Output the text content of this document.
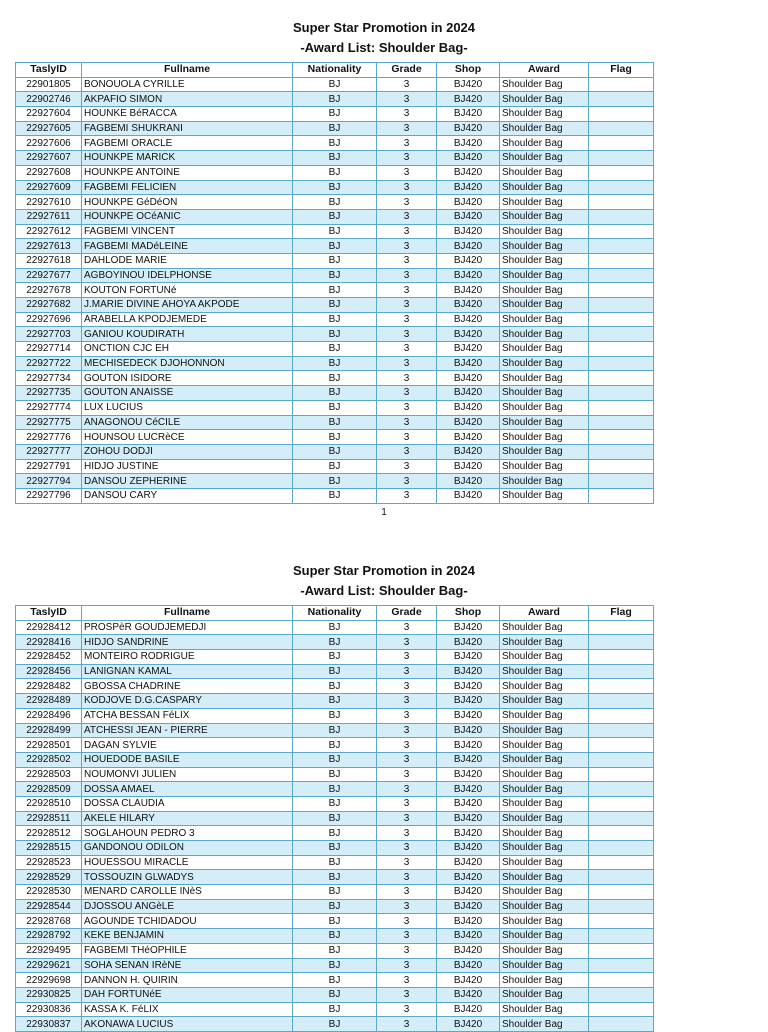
Super Star Promotion in 2024
-Award List: Shoulder Bag-
TaslyID	Fullname	Nationality	Grade	Shop	Award	Flag
22901805	BONOUOLA CYRILLE	BJ	3	BJ420	Shoulder Bag	
22902746	AKPAFIO SIMON	BJ	3	BJ420	Shoulder Bag	
22927604	HOUNKE BéRACCA	BJ	3	BJ420	Shoulder Bag	
22927605	FAGBEMI SHUKRANI	BJ	3	BJ420	Shoulder Bag	
22927606	FAGBEMI ORACLE	BJ	3	BJ420	Shoulder Bag	
22927607	HOUNKPE MARICK	BJ	3	BJ420	Shoulder Bag	
22927608	HOUNKPE ANTOINE	BJ	3	BJ420	Shoulder Bag	
22927609	FAGBEMI FELICIEN	BJ	3	BJ420	Shoulder Bag	
22927610	HOUNKPE GéDéON	BJ	3	BJ420	Shoulder Bag	
22927611	HOUNKPE OCéANIC	BJ	3	BJ420	Shoulder Bag	
22927612	FAGBEMI VINCENT	BJ	3	BJ420	Shoulder Bag	
22927613	FAGBEMI MADéLEINE	BJ	3	BJ420	Shoulder Bag	
22927618	DAHLODE MARIE	BJ	3	BJ420	Shoulder Bag	
22927677	AGBOYINOU IDELPHONSE	BJ	3	BJ420	Shoulder Bag	
22927678	KOUTON FORTUNé	BJ	3	BJ420	Shoulder Bag	
22927682	J.MARIE DIVINE AHOYA AKPODE	BJ	3	BJ420	Shoulder Bag	
22927696	ARABELLA KPODJEMEDE	BJ	3	BJ420	Shoulder Bag	
22927703	GANIOU KOUDIRATH	BJ	3	BJ420	Shoulder Bag	
22927714	ONCTION CJC EH	BJ	3	BJ420	Shoulder Bag	
22927722	MECHISEDECK DJOHONNON	BJ	3	BJ420	Shoulder Bag	
22927734	GOUTON ISIDORE	BJ	3	BJ420	Shoulder Bag	
22927735	GOUTON ANAISSE	BJ	3	BJ420	Shoulder Bag	
22927774	LUX LUCIUS	BJ	3	BJ420	Shoulder Bag	
22927775	ANAGONOU CéCILE	BJ	3	BJ420	Shoulder Bag	
22927776	HOUNSOU LUCRèCE	BJ	3	BJ420	Shoulder Bag	
22927777	ZOHOU DODJI	BJ	3	BJ420	Shoulder Bag	
22927791	HIDJO JUSTINE	BJ	3	BJ420	Shoulder Bag	
22927794	DANSOU ZEPHERINE	BJ	3	BJ420	Shoulder Bag	
22927796	DANSOU CARY	BJ	3	BJ420	Shoulder Bag	
1
Super Star Promotion in 2024
-Award List: Shoulder Bag-
TaslyID	Fullname	Nationality	Grade	Shop	Award	Flag
22928412	PROSPèR GOUDJEMEDJI	BJ	3	BJ420	Shoulder Bag	
22928416	HIDJO SANDRINE	BJ	3	BJ420	Shoulder Bag	
22928452	MONTEIRO RODRIGUE	BJ	3	BJ420	Shoulder Bag	
22928456	LANIGNAN KAMAL	BJ	3	BJ420	Shoulder Bag	
22928482	GBOSSA CHADRINE	BJ	3	BJ420	Shoulder Bag	
22928489	KODJOVE D.G.CASPARY	BJ	3	BJ420	Shoulder Bag	
22928496	ATCHA BESSAN FéLIX	BJ	3	BJ420	Shoulder Bag	
22928499	ATCHESSI JEAN - PIERRE	BJ	3	BJ420	Shoulder Bag	
22928501	DAGAN SYLVIE	BJ	3	BJ420	Shoulder Bag	
22928502	HOUEDODE BASILE	BJ	3	BJ420	Shoulder Bag	
22928503	NOUMONVI JULIEN	BJ	3	BJ420	Shoulder Bag	
22928509	DOSSA AMAEL	BJ	3	BJ420	Shoulder Bag	
22928510	DOSSA CLAUDIA	BJ	3	BJ420	Shoulder Bag	
22928511	AKELE HILARY	BJ	3	BJ420	Shoulder Bag	
22928512	SOGLAHOUN PEDRO 3	BJ	3	BJ420	Shoulder Bag	
22928515	GANDONOU ODILON	BJ	3	BJ420	Shoulder Bag	
22928523	HOUESSOU MIRACLE	BJ	3	BJ420	Shoulder Bag	
22928529	TOSSOUZIN GLWADYS	BJ	3	BJ420	Shoulder Bag	
22928530	MENARD CAROLLE INèS	BJ	3	BJ420	Shoulder Bag	
22928544	DJOSSOU ANGèLE	BJ	3	BJ420	Shoulder Bag	
22928768	AGOUNDE TCHIDADOU	BJ	3	BJ420	Shoulder Bag	
22928792	KEKE BENJAMIN	BJ	3	BJ420	Shoulder Bag	
22929495	FAGBEMI THéOPHILE	BJ	3	BJ420	Shoulder Bag	
22929621	SOHA SENAN IRèNE	BJ	3	BJ420	Shoulder Bag	
22929698	DANNON H. QUIRIN	BJ	3	BJ420	Shoulder Bag	
22930825	DAH FORTUNéE	BJ	3	BJ420	Shoulder Bag	
22930836	KASSA K. FéLIX	BJ	3	BJ420	Shoulder Bag	
22930837	AKONAWA LUCIUS	BJ	3	BJ420	Shoulder Bag	
